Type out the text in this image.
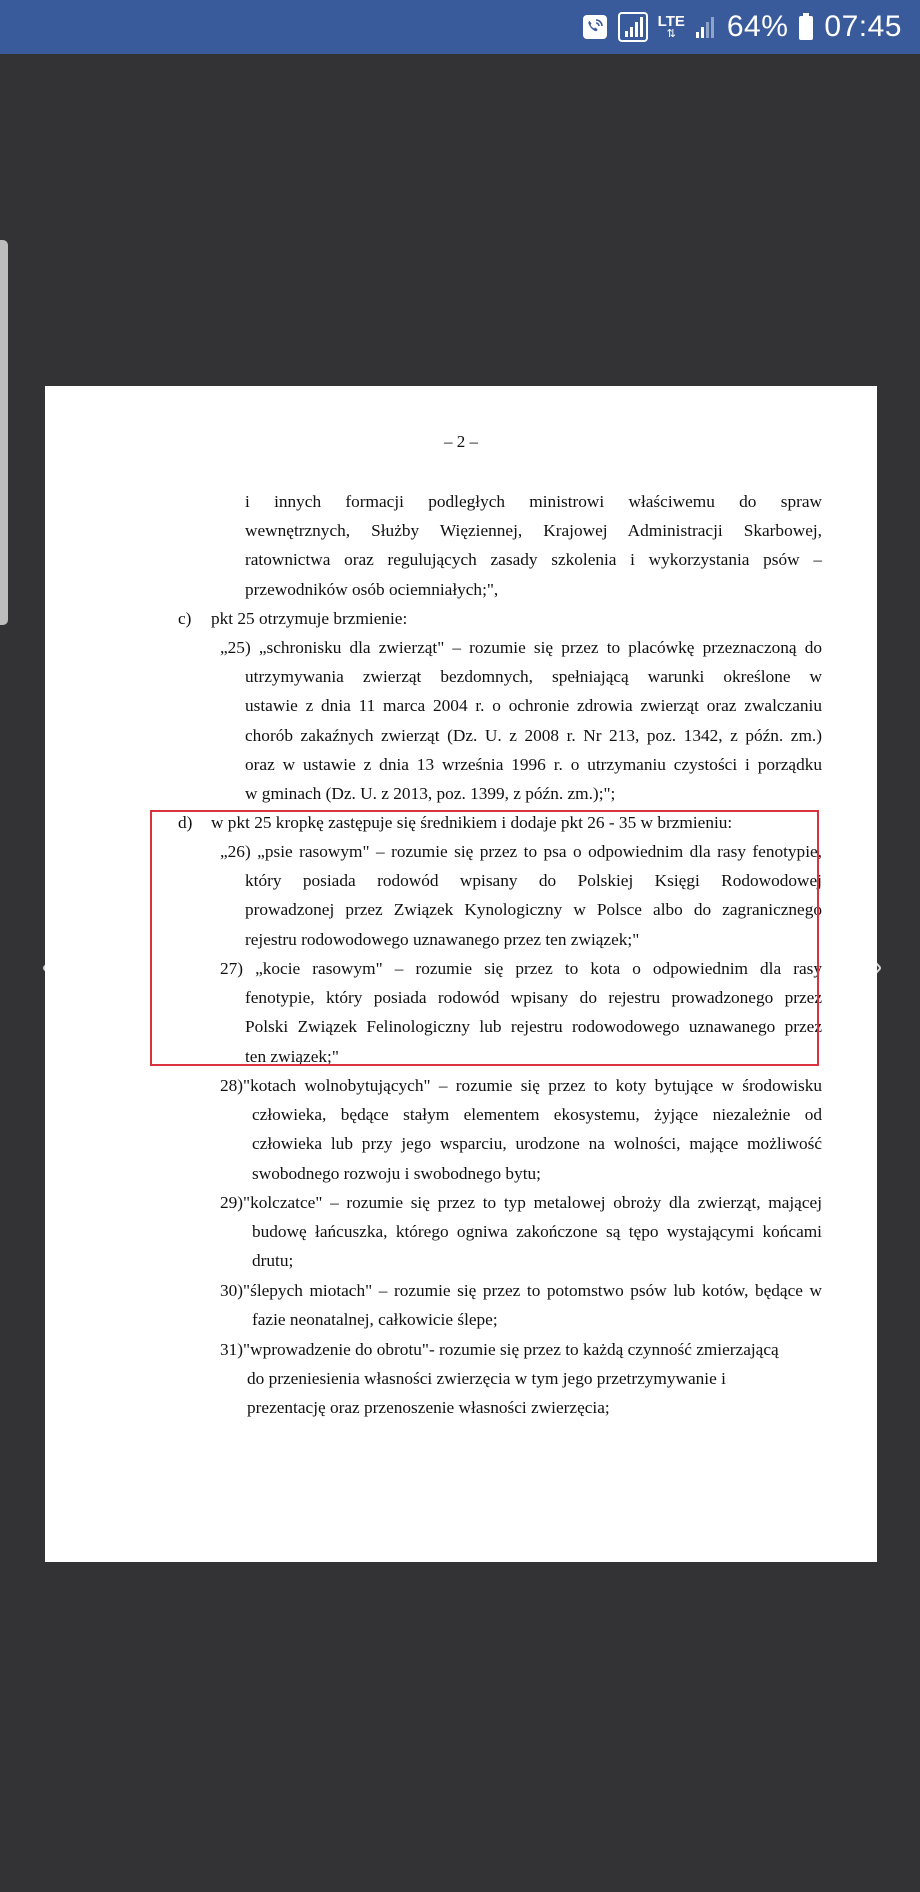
LTE
⇅ 64% 07:45
– 2 –
i innych formacji podległych ministrowi właściwemu do spraw
wewnętrznych, Służby Więziennej, Krajowej Administracji Skarbowej,
ratownictwa oraz regulujących zasady szkolenia i wykorzystania psów –
przewodników osób ociemniałych;",
c) pkt 25 otrzymuje brzmienie:
„25) „schronisku dla zwierząt" – rozumie się przez to placówkę przeznaczoną do
utrzymywania zwierząt bezdomnych, spełniającą warunki określone w
ustawie z dnia 11 marca 2004 r. o ochronie zdrowia zwierząt oraz zwalczaniu
chorób zakaźnych zwierząt (Dz. U. z 2008 r. Nr 213, poz. 1342, z późn. zm.)
oraz w ustawie z dnia 13 września 1996 r. o utrzymaniu czystości i porządku
w gminach (Dz. U. z 2013, poz. 1399, z późn. zm.);";
d) w pkt 25 kropkę zastępuje się średnikiem i dodaje pkt 26 - 35 w brzmieniu:
„26) „psie rasowym" – rozumie się przez to psa o odpowiednim dla rasy fenotypie,
który posiada rodowód wpisany do Polskiej Księgi Rodowodowej
prowadzonej przez Związek Kynologiczny w Polsce albo do zagranicznego
rejestru rodowodowego uznawanego przez ten związek;"
27) „kocie rasowym" – rozumie się przez to kota o odpowiednim dla rasy
fenotypie, który posiada rodowód wpisany do rejestru prowadzonego przez
Polski Związek Felinologiczny lub rejestru rodowodowego uznawanego przez
ten związek;"
28)"kotach wolnobytujących" – rozumie się przez to koty bytujące w środowisku
człowieka, będące stałym elementem ekosystemu, żyjące niezależnie od
człowieka lub przy jego wsparciu, urodzone na wolności, mające możliwość
swobodnego rozwoju i swobodnego bytu;
29)"kolczatce" – rozumie się przez to typ metalowej obroży dla zwierząt, mającej
budowę łańcuszka, którego ogniwa zakończone są tępo wystającymi końcami
drutu;
30)"ślepych miotach" – rozumie się przez to potomstwo psów lub kotów, będące w
fazie neonatalnej, całkowicie ślepe;
31)"wprowadzenie do obrotu"- rozumie się przez to każdą czynność zmierzającą
do przeniesienia własności zwierzęcia w tym jego przetrzymywanie i
prezentację oraz przenoszenie własności zwierzęcia;
